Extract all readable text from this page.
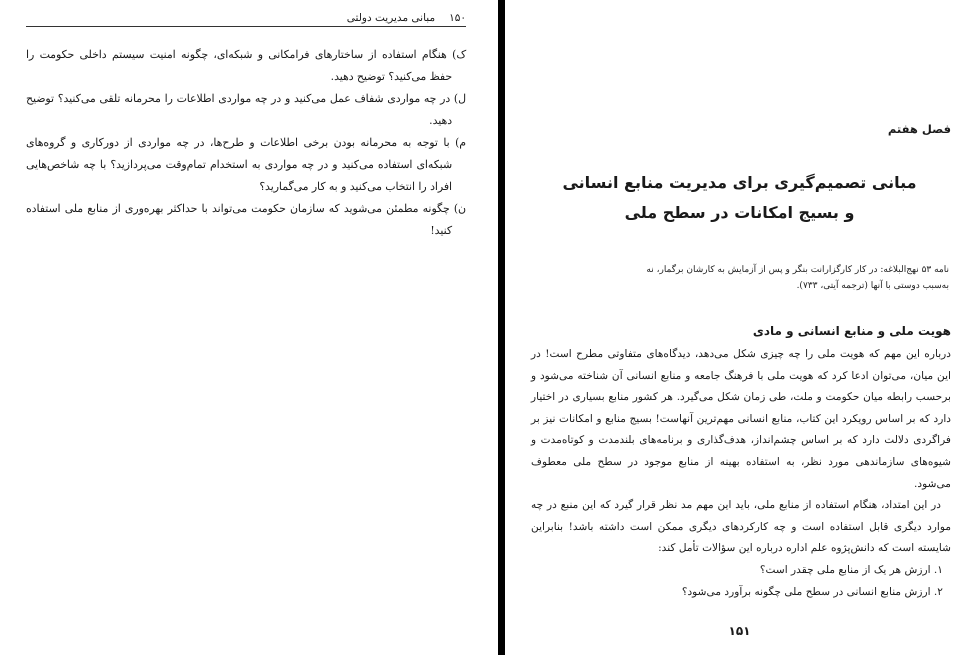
۱۵۰
مبانی مدیریت دولتی
ک) هنگام استفاده از ساختارهای فرامکانی و شبکه‌ای، چگونه امنیت سیستم داخلی حکومت را حفظ می‌کنید؟ توضیح دهید.
ل) در چه مواردی شفاف عمل می‌کنید و در چه مواردی اطلاعات را محرمانه تلقی می‌کنید؟ توضیح دهید.
م) با توجه به محرمانه بودن برخی اطلاعات و طرح‌ها، در چه مواردی از دورکاری و گروه‌های شبکه‌ای استفاده می‌کنید و در چه مواردی به استخدام تمام‌وقت می‌پردازید؟ با چه شاخص‌هایی افراد را انتخاب می‌کنید و به کار می‌گمارید؟
ن) چگونه مطمئن می‌شوید که سازمان حکومت می‌تواند با حداکثر بهره‌وری از منابع ملی استفاده کنید!
فصل هفتم
مبانی تصمیم‌گیری برای مدیریت منابع انسانی
و بسیج امکانات در سطح ملی

نامه ۵۳ نهج‌البلاغه: در کار کارگزارانت بنگر و پس از آزمایش به کارشان برگمار، نه به‌سبب دوستی با آنها (ترجمه آیتی، ۷۳۳).

هویت ملی و منابع انسانی و مادی

درباره این مهم که هویت ملی را چه چیزی شکل می‌دهد، دیدگاه‌های متفاوتی مطرح است! در این میان، می‌توان ادعا کرد که هویت ملی با فرهنگ جامعه و منابع انسانی آن شناخته می‌شود و برحسب رابطه میان حکومت و ملت، طی زمان شکل می‌گیرد. هر کشور منابع بسیاری در اختیار دارد که بر اساس رویکرد این کتاب، منابع انسانی مهم‌ترین آنهاست! بسیج منابع و امکانات نیز بر فراگردی دلالت دارد که بر اساس چشم‌انداز، هدف‌گذاری و برنامه‌های بلندمدت و کوتاه‌مدت و شیوه‌های سازماندهی مورد نظر، به استفاده بهینه از منابع موجود در سطح ملی معطوف می‌شود.

در این امتداد، هنگام استفاده از منابع ملی، باید این مهم مد نظر قرار گیرد که این منبع در چه موارد دیگری قابل استفاده است و چه کارکردهای دیگری ممکن است داشته باشد! بنابراین شایسته است که دانش‌پژوه علم اداره درباره این سؤالات تأمل کند:

۱. ارزش هر یک از منابع ملی چقدر است؟
۲. ارزش منابع انسانی در سطح ملی چگونه برآورد می‌شود؟
۱۵۱
